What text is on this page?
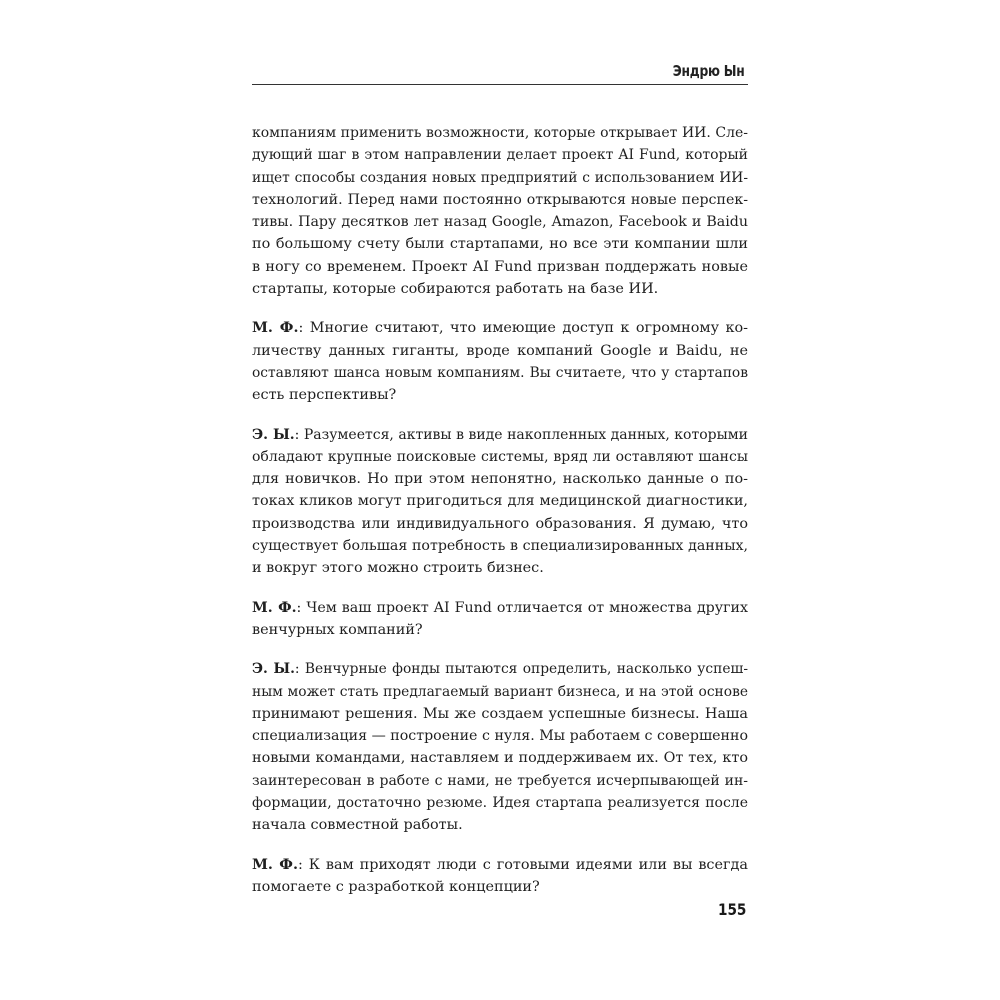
Эндрю Ын

компаниям применить возможности, которые открывает ИИ. Сле-
дующий шаг в этом направлении делает проект AI Fund, который
ищет способы создания новых предприятий с использованием ИИ-
технологий. Перед нами постоянно открываются новые перспек-
тивы. Пару десятков лет назад Google, Amazon, Facebook и Baidu
по большому счету были стартапами, но все эти компании шли
в ногу со временем. Проект AI Fund призван поддержать новые
стартапы, которые собираются работать на базе ИИ.

М. Ф.: Многие считают, что имеющие доступ к огромному ко-
личеству данных гиганты, вроде компаний Google и Baidu, не
оставляют шанса новым компаниям. Вы считаете, что у стартапов
есть перспективы?

Э. Ы.: Разумеется, активы в виде накопленных данных, которыми
обладают крупные поисковые системы, вряд ли оставляют шансы
для новичков. Но при этом непонятно, насколько данные о по-
токах кликов могут пригодиться для медицинской диагностики,
производства или индивидуального образования. Я думаю, что
существует большая потребность в специализированных данных,
и вокруг этого можно строить бизнес.

М. Ф.: Чем ваш проект AI Fund отличается от множества других
венчурных компаний?

Э. Ы.: Венчурные фонды пытаются определить, насколько успеш-
ным может стать предлагаемый вариант бизнеса, и на этой основе
принимают решения. Мы же создаем успешные бизнесы. Наша
специализация — построение с нуля. Мы работаем с совершенно
новыми командами, наставляем и поддерживаем их. От тех, кто
заинтересован в работе с нами, не требуется исчерпывающей ин-
формации, достаточно резюме. Идея стартапа реализуется после
начала совместной работы.

М. Ф.: К вам приходят люди с готовыми идеями или вы всегда
помогаете с разработкой концепции?

155
